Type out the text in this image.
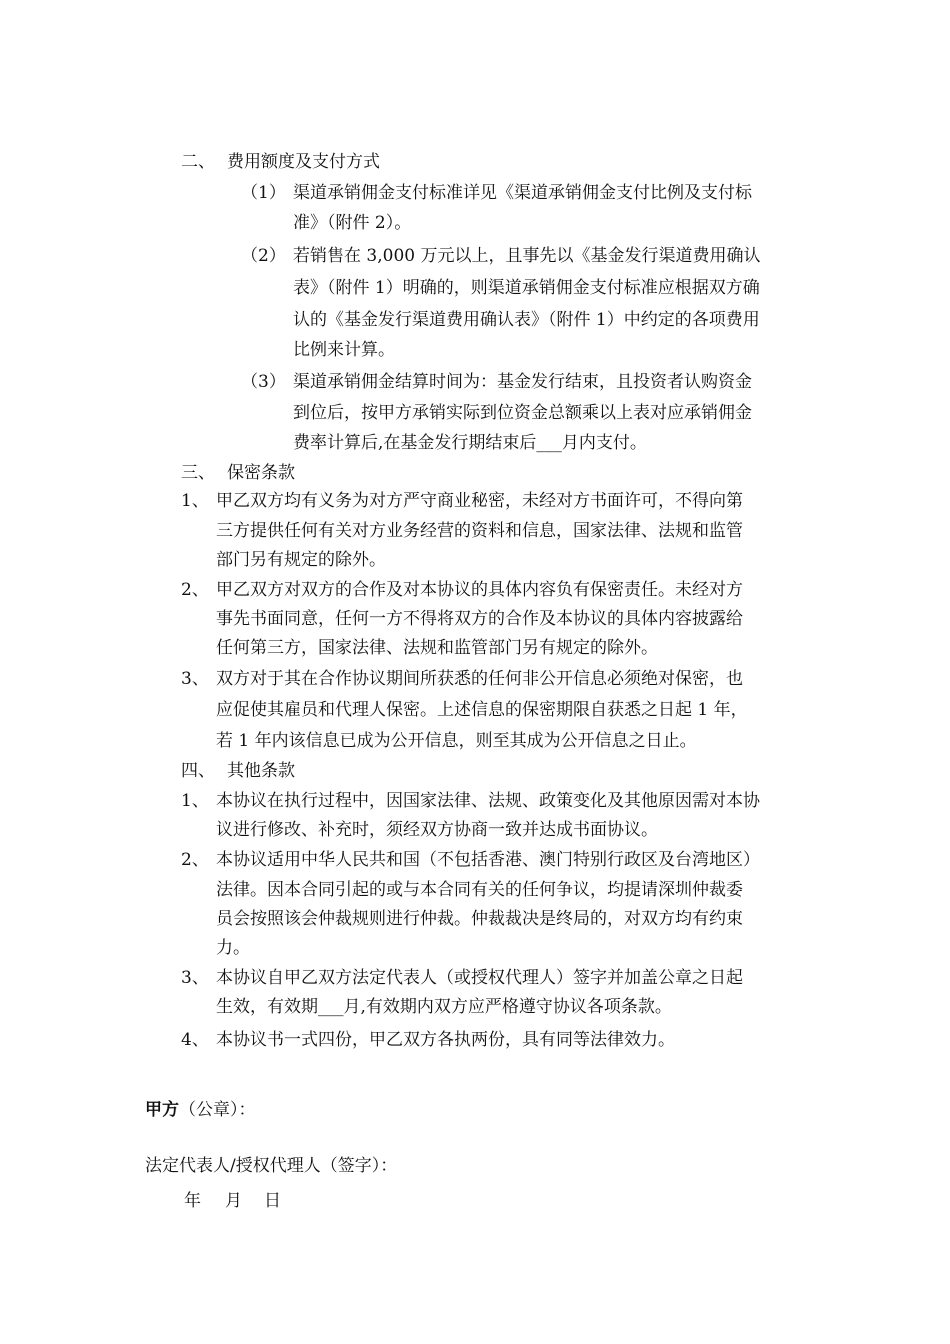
二、 费用额度及支付方式
（1） 渠道承销佣金支付标准详见《渠道承销佣金支付比例及支付标
准》（附件 2）。
（2） 若销售在 3,000 万元以上，且事先以《基金发行渠道费用确认
表》（附件 1）明确的，则渠道承销佣金支付标准应根据双方确
认的《基金发行渠道费用确认表》（附件 1）中约定的各项费用
比例来计算。
（3） 渠道承销佣金结算时间为：基金发行结束，且投资者认购资金
到位后，按甲方承销实际到位资金总额乘以上表对应承销佣金
费率计算后,在基金发行期结束后___月内支付。
三、 保密条款
1、 甲乙双方均有义务为对方严守商业秘密，未经对方书面许可，不得向第
三方提供任何有关对方业务经营的资料和信息，国家法律、法规和监管
部门另有规定的除外。
2、 甲乙双方对双方的合作及对本协议的具体内容负有保密责任。未经对方
事先书面同意，任何一方不得将双方的合作及本协议的具体内容披露给
任何第三方，国家法律、法规和监管部门另有规定的除外。
3、 双方对于其在合作协议期间所获悉的任何非公开信息必须绝对保密，也
应促使其雇员和代理人保密。上述信息的保密期限自获悉之日起 1 年，
若 1 年内该信息已成为公开信息，则至其成为公开信息之日止。
四、 其他条款
1、 本协议在执行过程中，因国家法律、法规、政策变化及其他原因需对本协
议进行修改、补充时，须经双方协商一致并达成书面协议。
2、 本协议适用中华人民共和国（不包括香港、澳门特别行政区及台湾地区）
法律。因本合同引起的或与本合同有关的任何争议，均提请深圳仲裁委
员会按照该会仲裁规则进行仲裁。仲裁裁决是终局的，对双方均有约束
力。
3、 本协议自甲乙双方法定代表人（或授权代理人）签字并加盖公章之日起
生效，有效期___月,有效期内双方应严格遵守协议各项条款。
4、 本协议书一式四份，甲乙双方各执两份，具有同等法律效力。
甲方（公章）：
法定代表人/授权代理人（签字）：
年 月 日
